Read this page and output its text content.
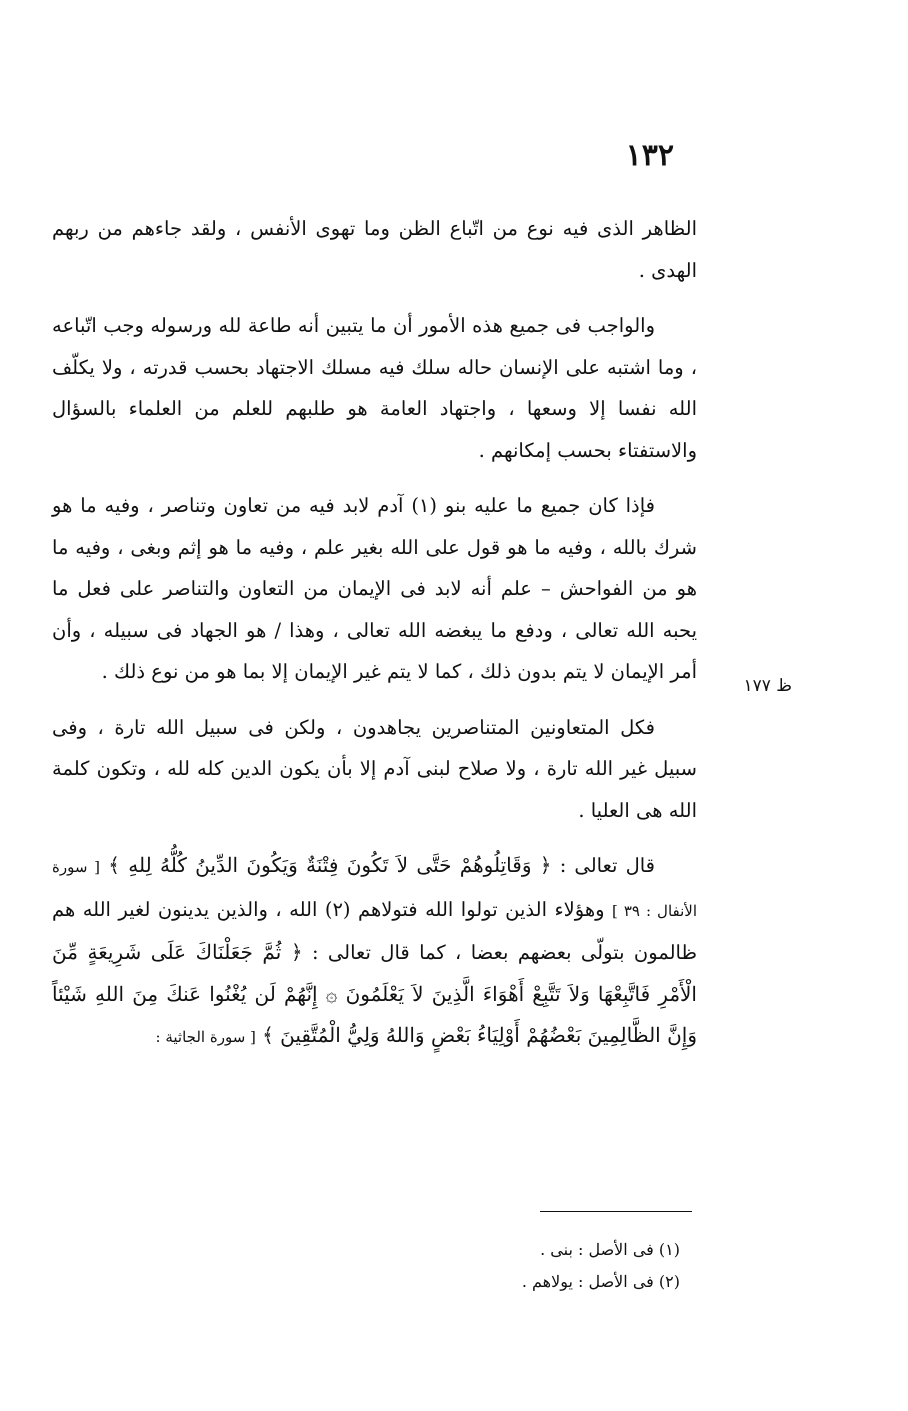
١٣٢
ظ ١٧٧

الظاهر الذى فيه نوع من اتّباع الظن وما تهوى الأنفس ، ولقد جاءهم من ربهم الهدى .

والواجب فى جميع هذه الأمور أن ما يتبين أنه طاعة لله ورسوله وجب اتّباعه ، وما اشتبه على الإنسان حاله سلك فيه مسلك الاجتهاد بحسب قدرته ، ولا يكلّف الله نفسا إلا وسعها ، واجتهاد العامة هو طلبهم للعلم من العلماء بالسؤال والاستفتاء بحسب إمكانهم .

فإذا كان جميع ما عليه بنو (١) آدم لابد فيه من تعاون وتناصر ، وفيه ما هو شرك بالله ، وفيه ما هو قول على الله بغير علم ، وفيه ما هو إثم وبغى ، وفيه ما هو من الفواحش – علم أنه لابد فى الإيمان من التعاون والتناصر على فعل ما يحبه الله تعالى ، ودفع ما يبغضه الله تعالى ، وهذا / هو الجهاد فى سبيله ، وأن أمر الإيمان لا يتم بدون ذلك ، كما لا يتم غير الإيمان إلا بما هو من نوع ذلك .

فكل المتعاونين المتناصرين يجاهدون ، ولكن فى سبيل الله تارة ، وفى سبيل غير الله تارة ، ولا صلاح لبنى آدم إلا بأن يكون الدين كله لله ، وتكون كلمة الله هى العليا .

قال تعالى : ﴿ وَقَاتِلُوهُمْ حَتَّى لاَ تَكُونَ فِتْنَةٌ وَيَكُونَ الدِّينُ كُلُّهُ لِلهِ ﴾ [ سورة الأنفال : ٣٩ ] وهؤلاء الذين تولوا الله فتولاهم (٢) الله ، والذين يدينون لغير الله هم ظالمون بتولّى بعضهم بعضا ، كما قال تعالى : ﴿ ثُمَّ جَعَلْنَاكَ عَلَى شَرِيعَةٍ مِّنَ الْأَمْرِ فَاتَّبِعْهَا وَلاَ تَتَّبِعْ أَهْوَاءَ الَّذِينَ لاَ يَعْلَمُونَ ۞ إِنَّهُمْ لَن يُغْنُوا عَنكَ مِنَ اللهِ شَيْئاً وَإِنَّ الظَّالِمِينَ بَعْضُهُمْ أَوْلِيَاءُ بَعْضٍ وَاللهُ وَلِيُّ الْمُتَّقِينَ ﴾ [ سورة الجاثية :

(١) فى الأصل : بنى .
(٢) فى الأصل : يولاهم .
